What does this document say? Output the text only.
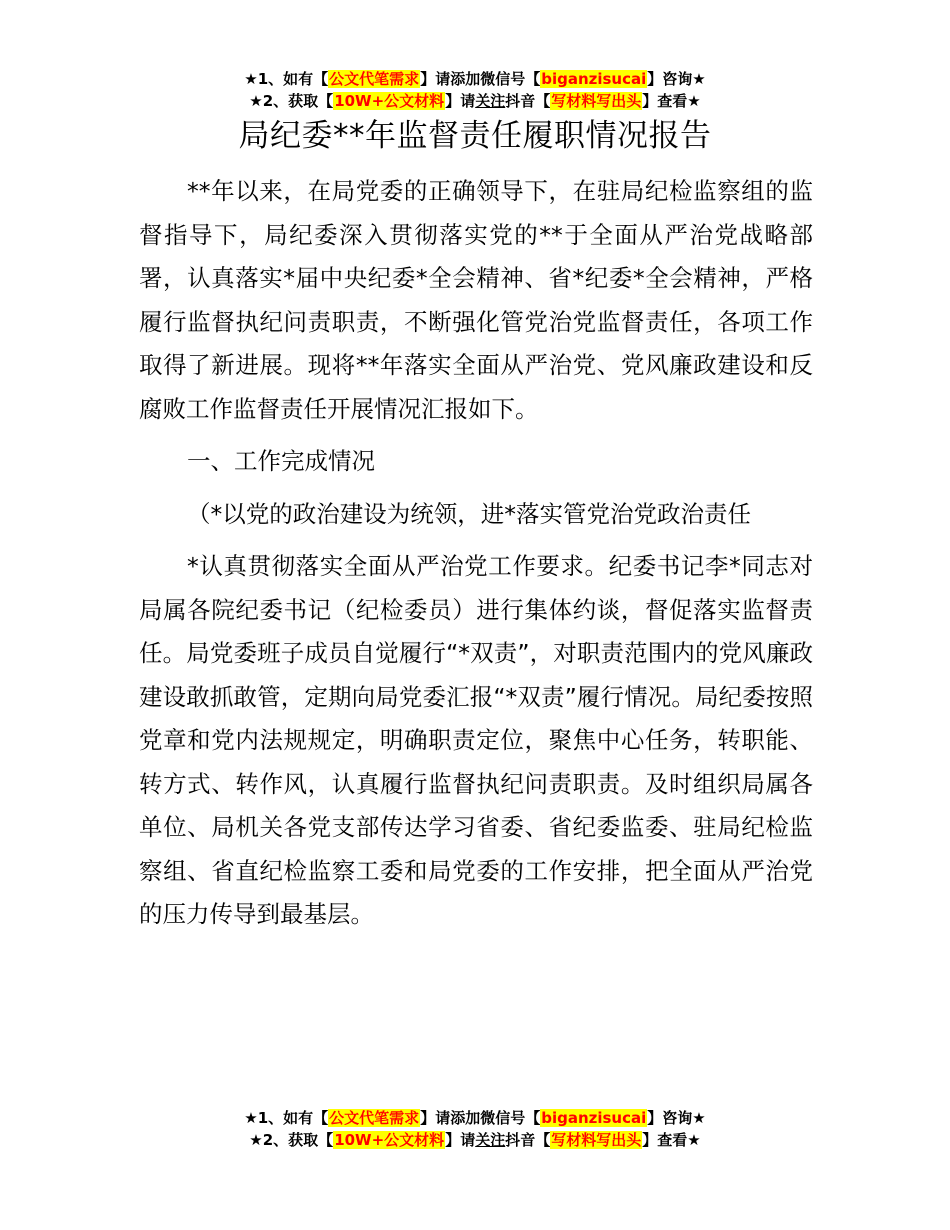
★1、如有【公文代笔需求】请添加微信号【biganzisucai】咨询★
★2、获取【10W+公文材料】请关注抖音【写材料写出头】查看★
局纪委**年监督责任履职情况报告

**年以来，在局党委的正确领导下，在驻局纪检监察组的监督指导下，局纪委深入贯彻落实党的**于全面从严治党战略部署，认真落实*届中央纪委*全会精神、省*纪委*全会精神，严格履行监督执纪问责职责，不断强化管党治党监督责任，各项工作取得了新进展。现将**年落实全面从严治党、党风廉政建设和反腐败工作监督责任开展情况汇报如下。

一、工作完成情况

（*以党的政治建设为统领，进*落实管党治党政治责任

*认真贯彻落实全面从严治党工作要求。纪委书记李*同志对局属各院纪委书记（纪检委员）进行集体约谈，督促落实监督责任。局党委班子成员自觉履行“*双责”，对职责范围内的党风廉政建设敢抓敢管，定期向局党委汇报“*双责”履行情况。局纪委按照党章和党内法规规定，明确职责定位，聚焦中心任务，转职能、转方式、转作风，认真履行监督执纪问责职责。及时组织局属各单位、局机关各党支部传达学习省委、省纪委监委、驻局纪检监察组、省直纪检监察工委和局党委的工作安排，把全面从严治党的压力传导到最基层。

★1、如有【公文代笔需求】请添加微信号【biganzisucai】咨询★
★2、获取【10W+公文材料】请关注抖音【写材料写出头】查看★
